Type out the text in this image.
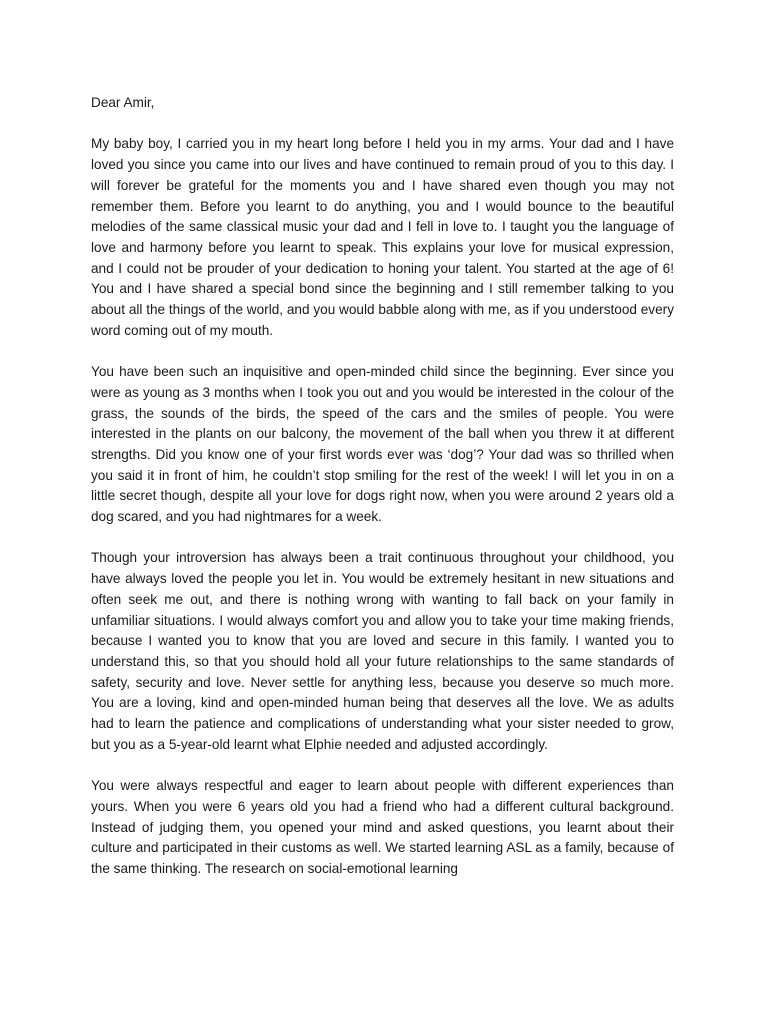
Dear Amir,

My baby boy, I carried you in my heart long before I held you in my arms. Your dad and I have loved you since you came into our lives and have continued to remain proud of you to this day. I will forever be grateful for the moments you and I have shared even though you may not remember them. Before you learnt to do anything, you and I would bounce to the beautiful melodies of the same classical music your dad and I fell in love to. I taught you the language of love and harmony before you learnt to speak. This explains your love for musical expression, and I could not be prouder of your dedication to honing your talent. You started at the age of 6! You and I have shared a special bond since the beginning and I still remember talking to you about all the things of the world, and you would babble along with me, as if you understood every word coming out of my mouth.

You have been such an inquisitive and open-minded child since the beginning. Ever since you were as young as 3 months when I took you out and you would be interested in the colour of the grass, the sounds of the birds, the speed of the cars and the smiles of people. You were interested in the plants on our balcony, the movement of the ball when you threw it at different strengths. Did you know one of your first words ever was ‘dog’? Your dad was so thrilled when you said it in front of him, he couldn’t stop smiling for the rest of the week! I will let you in on a little secret though, despite all your love for dogs right now, when you were around 2 years old a dog scared, and you had nightmares for a week.

Though your introversion has always been a trait continuous throughout your childhood, you have always loved the people you let in. You would be extremely hesitant in new situations and often seek me out, and there is nothing wrong with wanting to fall back on your family in unfamiliar situations. I would always comfort you and allow you to take your time making friends, because I wanted you to know that you are loved and secure in this family. I wanted you to understand this, so that you should hold all your future relationships to the same standards of safety, security and love. Never settle for anything less, because you deserve so much more. You are a loving, kind and open-minded human being that deserves all the love. We as adults had to learn the patience and complications of understanding what your sister needed to grow, but you as a 5-year-old learnt what Elphie needed and adjusted accordingly.

You were always respectful and eager to learn about people with different experiences than yours. When you were 6 years old you had a friend who had a different cultural background. Instead of judging them, you opened your mind and asked questions, you learnt about their culture and participated in their customs as well. We started learning ASL as a family, because of the same thinking. The research on social-emotional learning
